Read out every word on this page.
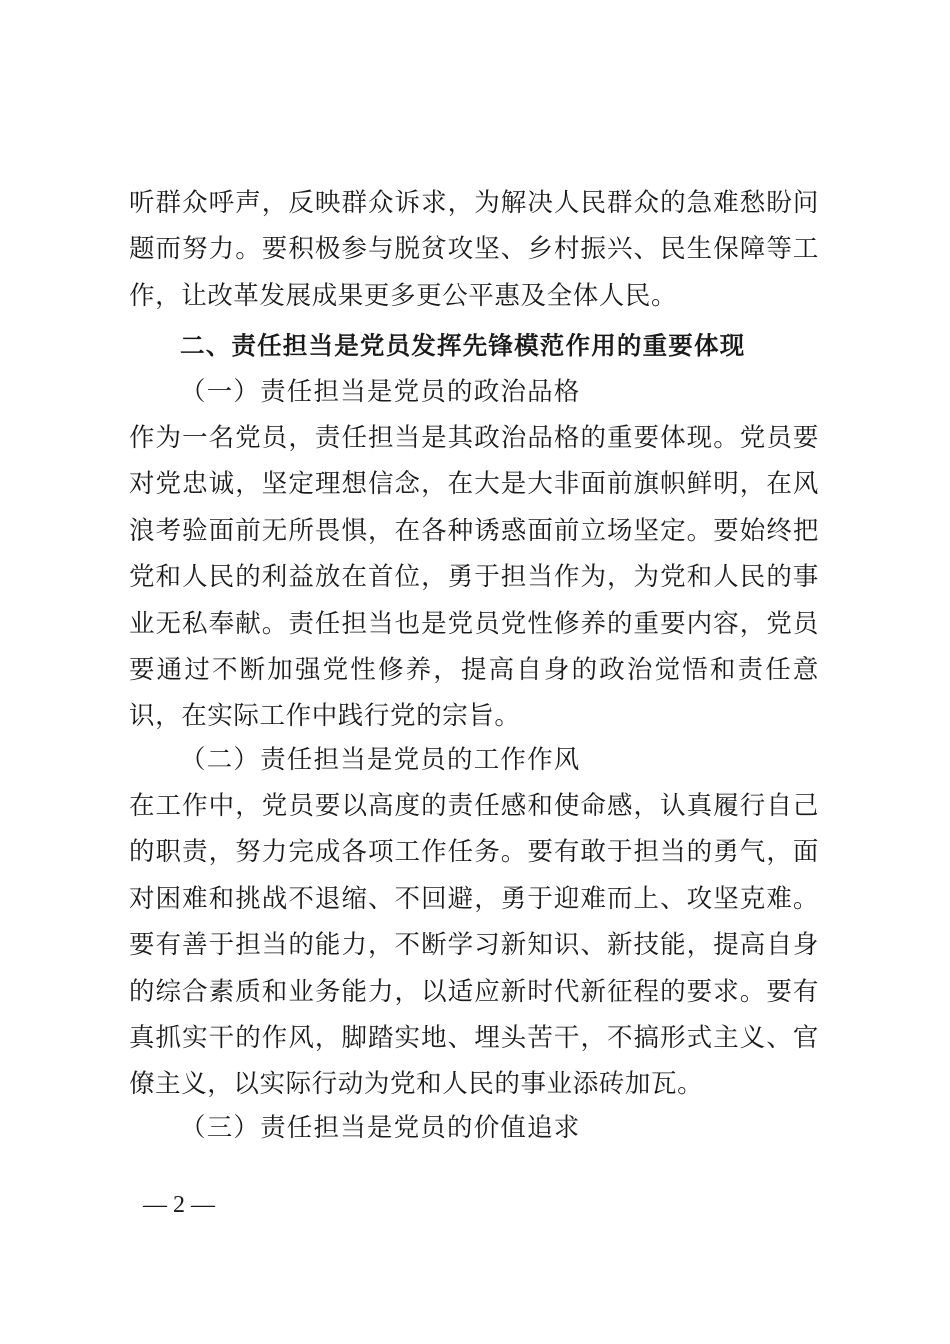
听群众呼声，反映群众诉求，为解决人民群众的急难愁盼问题而努力。要积极参与脱贫攻坚、乡村振兴、民生保障等工作，让改革发展成果更多更公平惠及全体人民。

二、责任担当是党员发挥先锋模范作用的重要体现

（一）责任担当是党员的政治品格

作为一名党员，责任担当是其政治品格的重要体现。党员要对党忠诚，坚定理想信念，在大是大非面前旗帜鲜明，在风浪考验面前无所畏惧，在各种诱惑面前立场坚定。要始终把党和人民的利益放在首位，勇于担当作为，为党和人民的事业无私奉献。责任担当也是党员党性修养的重要内容，党员要通过不断加强党性修养，提高自身的政治觉悟和责任意识，在实际工作中践行党的宗旨。

（二）责任担当是党员的工作作风

在工作中，党员要以高度的责任感和使命感，认真履行自己的职责，努力完成各项工作任务。要有敢于担当的勇气，面对困难和挑战不退缩、不回避，勇于迎难而上、攻坚克难。要有善于担当的能力，不断学习新知识、新技能，提高自身的综合素质和业务能力，以适应新时代新征程的要求。要有真抓实干的作风，脚踏实地、埋头苦干，不搞形式主义、官僚主义，以实际行动为党和人民的事业添砖加瓦。

（三）责任担当是党员的价值追求

— 2 —
